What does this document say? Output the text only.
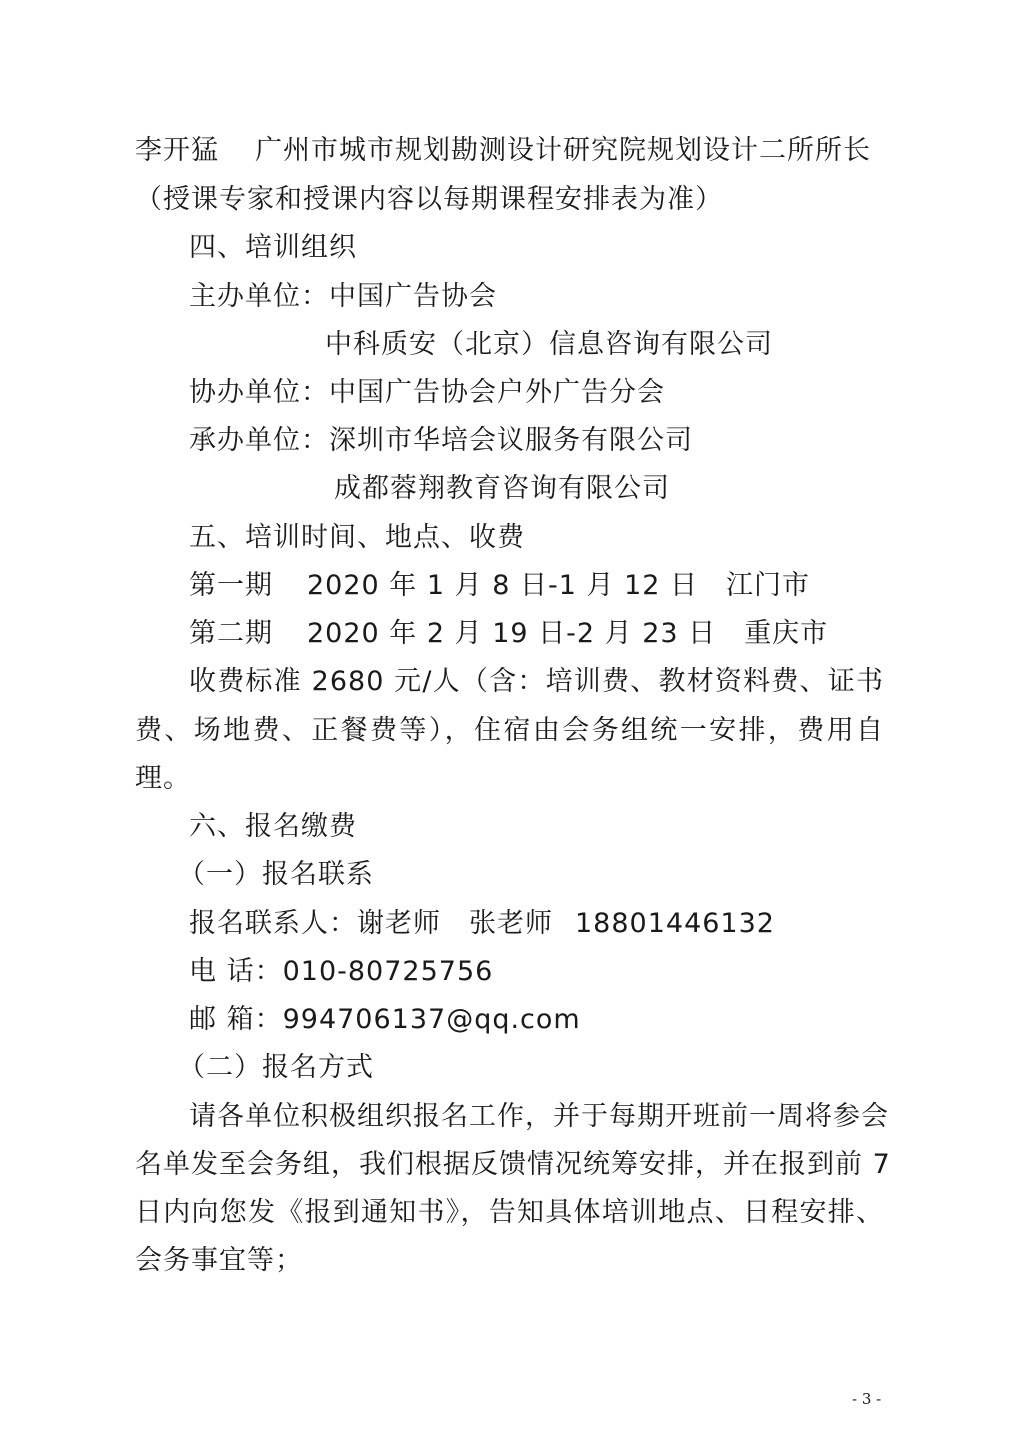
李开猛 广州市城市规划勘测设计研究院规划设计二所所长
（授课专家和授课内容以每期课程安排表为准）
四、培训组织
主办单位：中国广告协会
中科质安（北京）信息咨询有限公司
协办单位：中国广告协会户外广告分会
承办单位：深圳市华培会议服务有限公司
成都蓉翔教育咨询有限公司
五、培训时间、地点、收费
第一期 2020 年 1 月 8 日-1 月 12 日 江门市
第二期 2020 年 2 月 19 日-2 月 23 日 重庆市
收费标准 2680 元/人（含：培训费、教材资料费、证书
费、场地费、正餐费等），住宿由会务组统一安排，费用自
理。
六、报名缴费
（一）报名联系
报名联系人：谢老师　张老师 18801446132
电 话：010-80725756
邮 箱：994706137@qq.com
（二）报名方式
请各单位积极组织报名工作，并于每期开班前一周将参会
名单发至会务组，我们根据反馈情况统筹安排，并在报到前 7
日内向您发《报到通知书》，告知具体培训地点、日程安排、
会务事宜等；
- 3 -
